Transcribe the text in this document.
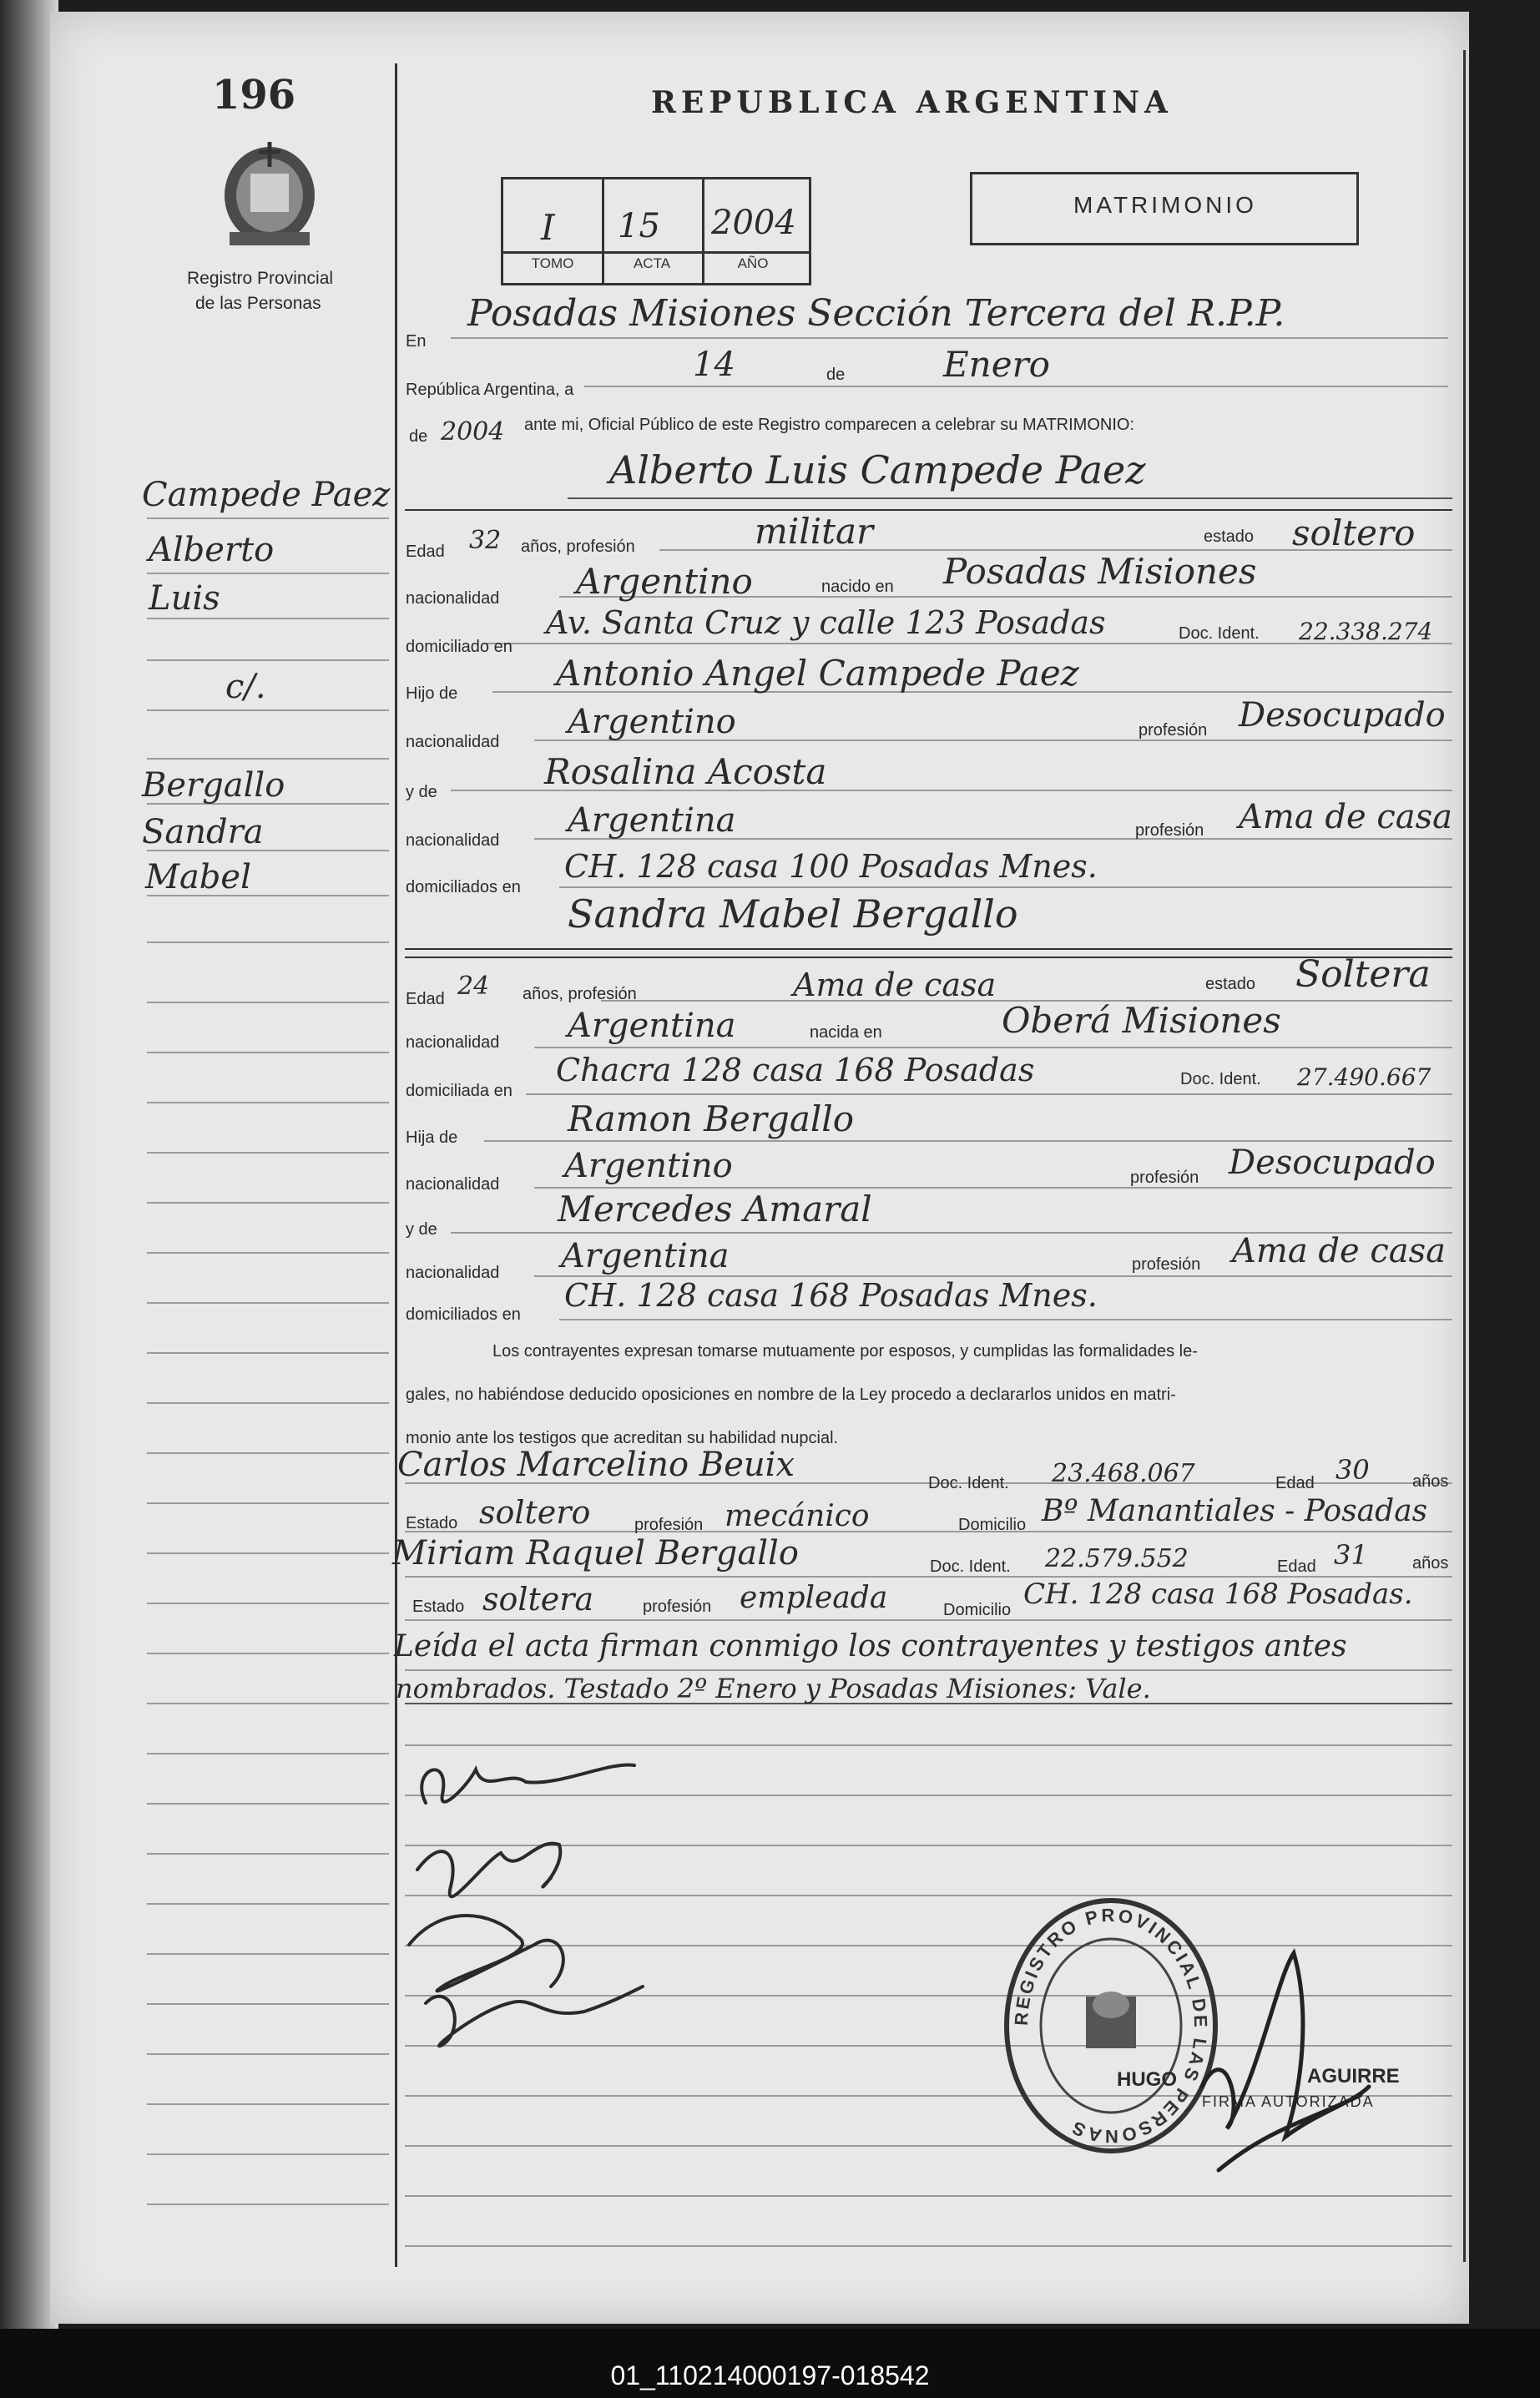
196	REPUBLICA ARGENTINA
Registro Provincial
de las Personas
I 15 2004
TOMO	ACTA	AÑO
MATRIMONIO
Campede Paez
Alberto
Luis
c/.
Bergallo
Sandra
Mabel
En
Posadas Misiones Sección Tercera del R.P.P.
República Argentina, a
14	de	Enero
de 2004 ante mi, Oficial Público de este Registro comparecen a celebrar su MATRIMONIO:
Alberto Luis Campede Paez
Edad 32 años, profesión	militar	estado soltero
nacionalidad Argentino	nacido en Posadas Misiones
domiciliado en
Av. Santa Cruz y calle 123 Posadas	Doc. Ident. 22.338.274
Hijo de	Antonio Angel Campede Paez
nacionalidad
Argentino	profesión Desocupado
y de	Rosalina Acosta
nacionalidad
Argentina	profesión Ama de casa
domiciliados en
CH. 128 casa 100 Posadas Mnes.
Sandra Mabel Bergallo
Edad 24 años, profesión	Ama de casa	estado Soltera
nacionalidad Argentina	nacida en	Oberá Misiones
domiciliada en
Chacra 128 casa 168 Posadas	Doc. Ident. 27.490.667
Hija de	Ramon Bergallo
nacionalidad Argentino	profesión Desocupado
y de	Mercedes Amaral
nacionalidad Argentina	profesión Ama de casa
domiciliados en
CH. 128 casa 168 Posadas Mnes.
Los contrayentes expresan tomarse mutuamente por esposos, y cumplidas las formalidades le-
gales, no habiéndose deducido oposiciones en nombre de la Ley procedo a declararlos unidos en matri-
monio ante los testigos que acreditan su habilidad nupcial.
Carlos Marcelino Beuix	Doc. Ident. 23.468.067	Edad 30	años
Estado soltero	profesión mecánico	Domicilio Bº Manantiales - Posadas
Miriam Raquel Bergallo	Doc. Ident. 22.579.552	Edad 31	años
Estado soltera	profesión empleada	Domicilio CH. 128 casa 168 Posadas.
Leída el acta firman conmigo los contrayentes y testigos antes
nombrados. Testado 2º Enero y Posadas Misiones: Vale.
REGISTRO PROVINCIAL DE LAS PERSONAS
HUGO	AGUIRRE
FIRMA AUTORIZADA
01_110214000197-018542
